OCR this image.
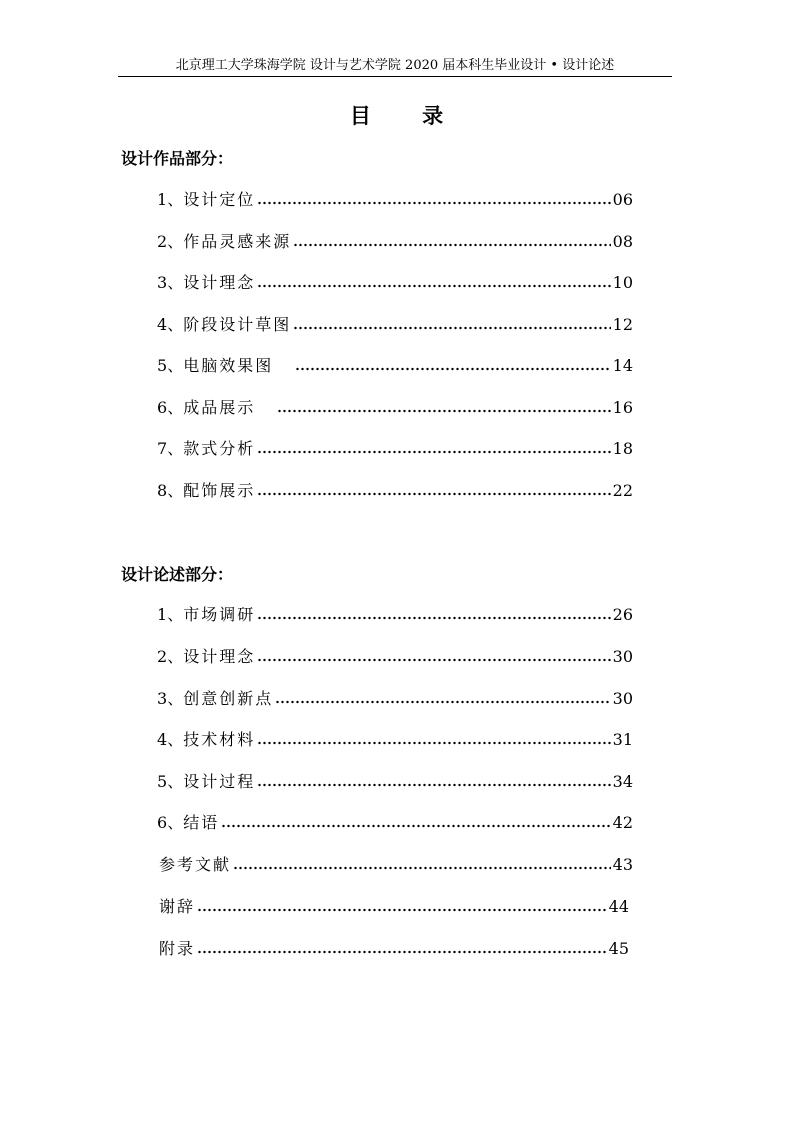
北京理工大学珠海学院 设计与艺术学院 2020 届本科生毕业设计 • 设计论述
目 录
设计作品部分：
1 、 设计定位	06
2 、 作品灵感来源	08
3 、 设计理念	10
4 、 阶段设计草图	12
5 、 电脑效果图	14
6 、 成品展示	16
7 、 款式分析	18
8 、 配饰展示	22
设计论述部分：
1 、 市场调研	26
2 、 设计理念	30
3 、 创意创新点	30
4 、 技术材料	31
5 、 设计过程	34
6 、 结语	42
参考文献	43
谢辞	44
附录	45
